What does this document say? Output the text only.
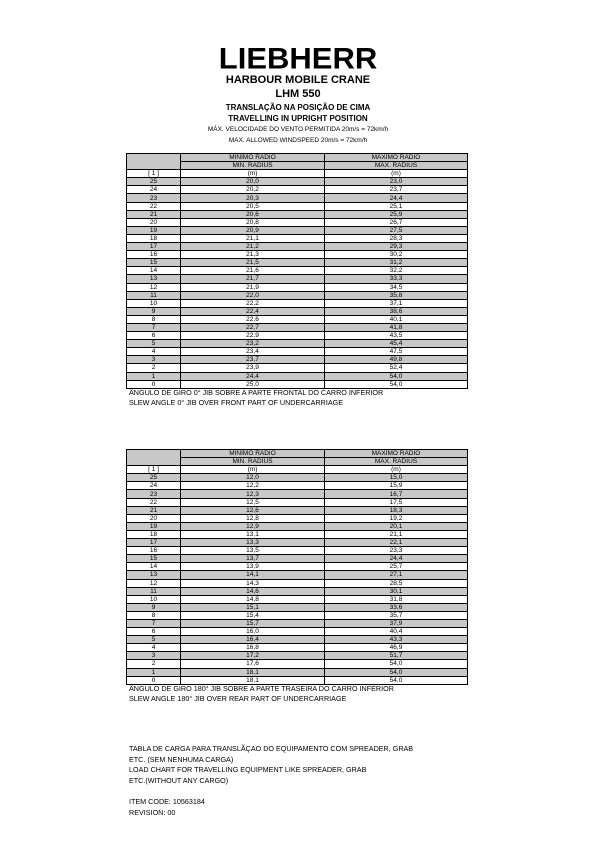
LIEBHERR
HARBOUR MOBILE CRANE
LHM 550
TRANSLAÇÃO NA POSIÇÃO DE CIMA
TRAVELLING IN UPRIGHT POSITION
MÁX. VELOCIDADE DO VENTO PERMITIDA 20m/s = 72km/h
MAX. ALLOWED WINDSPEED 20m/s = 72km/h
	MINIMO RADIO	MAXIMO RADIO
	MIN. RADIUS	MAX. RADIUS
[ 1 ]	(m)	(m)
25	20,0	23,0
24	20,2	23,7
23	20,3	24,4
22	20,5	25,1
21	20,6	25,9
20	20,8	26,7
19	20,9	27,5
18	21,1	28,3
17	21,2	29,3
16	21,3	30,2
15	21,5	31,2
14	21,6	32,2
13	21,7	33,3
12	21,9	34,5
11	22,0	35,8
10	22,2	37,1
9	22,4	38,6
8	22,6	40,1
7	22,7	41,8
6	22,9	43,5
5	23,2	45,4
4	23,4	47,5
3	23,7	49,8
2	23,9	52,4
1	24,4	54,0
0	25,0	54,0
ÂNGULO DE GIRO 0° JIB SOBRE A PARTE FRONTAL DO CARRO INFERIOR
SLEW ANGLE 0° JIB OVER FRONT PART OF UNDERCARRIAGE
	MINIMO RADIO	MAXIMO RADIO
	MIN. RADIUS	MAX. RADIUS
[ 1 ]	(m)	(m)
25	12,0	15,0
24	12,2	15,9
23	12,3	16,7
22	12,5	17,5
21	12,6	18,3
20	12,8	19,2
19	12,9	20,1
18	13,1	21,1
17	13,3	22,1
16	13,5	23,3
15	13,7	24,4
14	13,9	25,7
13	14,1	27,1
12	14,3	28,5
11	14,6	30,1
10	14,8	31,8
9	15,1	33,6
8	15,4	35,7
7	15,7	37,9
6	16,0	40,4
5	16,4	43,3
4	16,8	46,9
3	17,2	51,7
2	17,6	54,0
1	18,1	54,0
0	18,1	54,0
ÂNGULO DE GIRO 180° JIB SOBRE A PARTE TRASEIRA DO CARRO INFERIOR
SLEW ANGLE 180° JIB OVER REAR PART OF UNDERCARRIAGE
TABLA DE CARGA PARA TRANSLÃÇAO DO EQUIPAMENTO COM SPREADER, GRAB
ETC. (SEM NENHUMA CARGA)
LOAD CHART FOR TRAVELLING EQUIPMENT LIKE SPREADER, GRAB
ETC.(WITHOUT ANY CARGO)
ITEM CODE: 10563184
REVISION: 00
